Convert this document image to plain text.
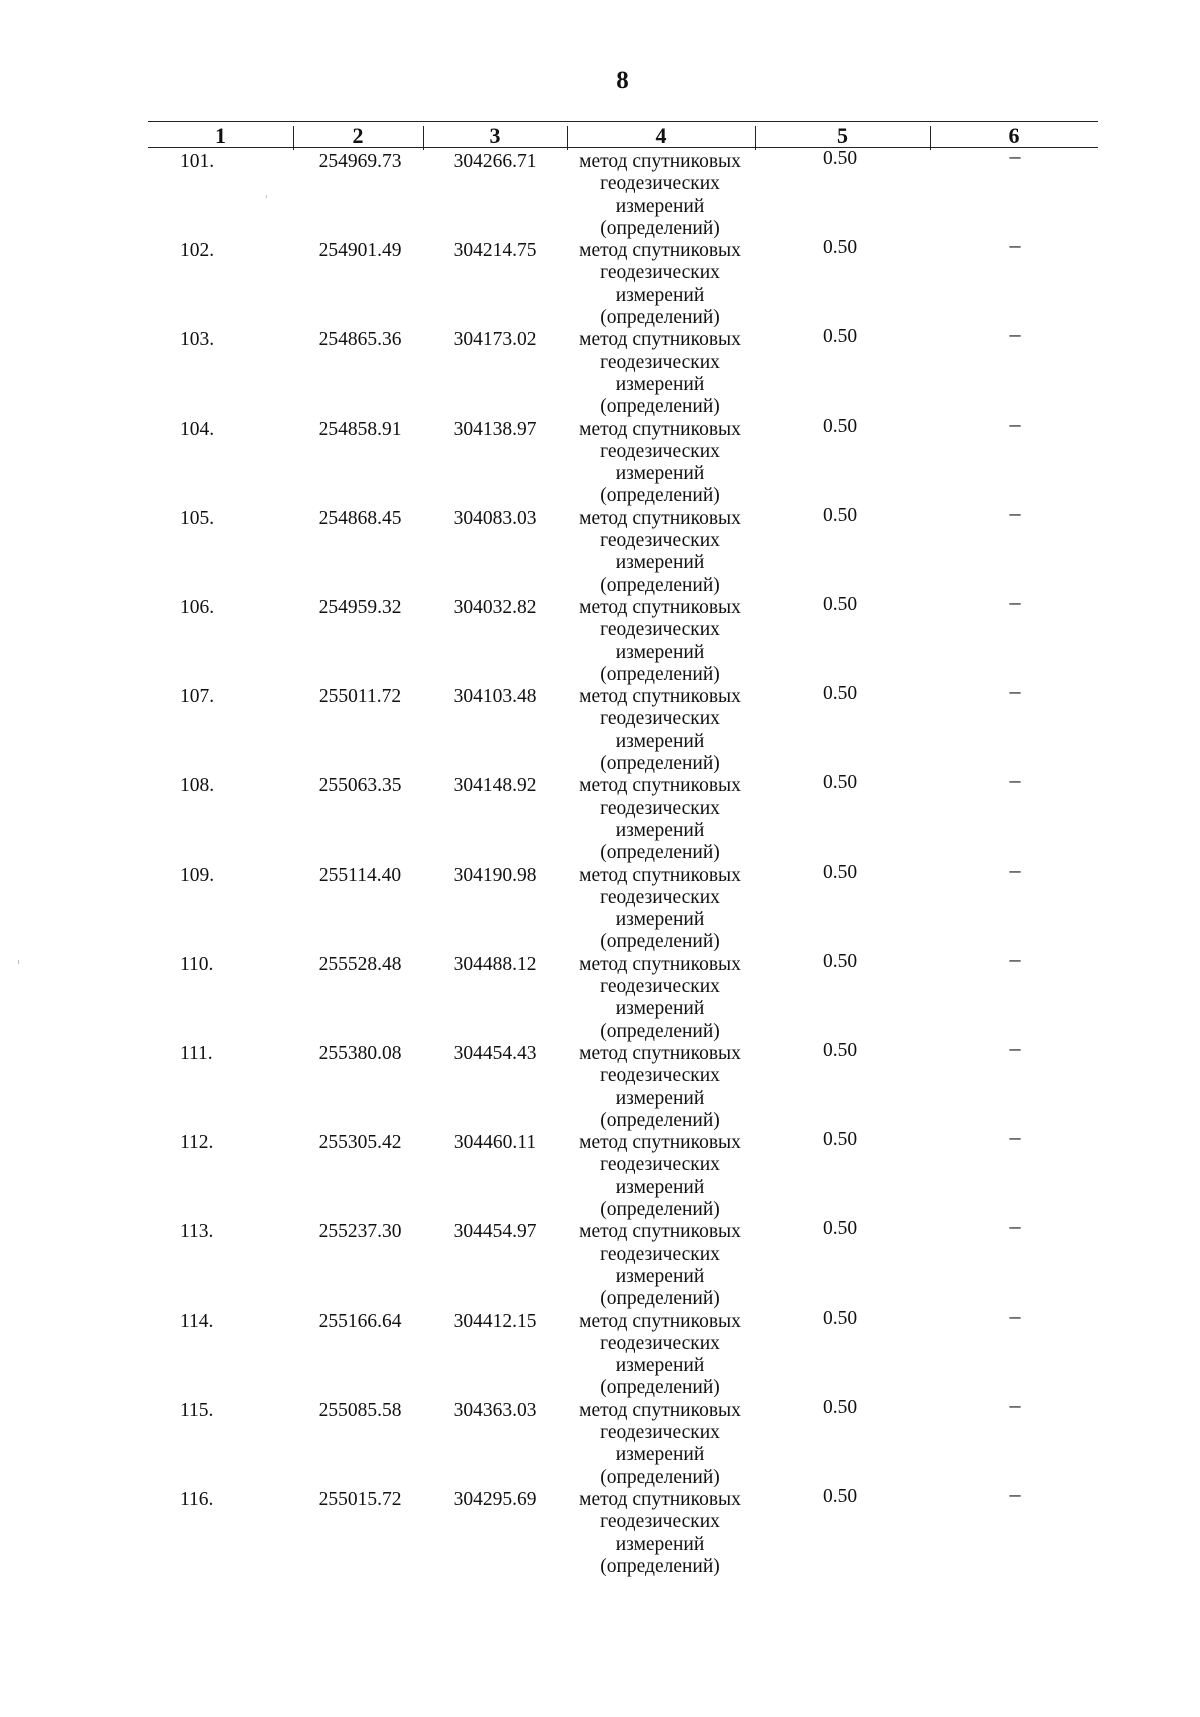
8
1	2	3	4	5	6
101.	254969.73	304266.71	метод спутниковых
геодезических
измерений
(определений)
0.50	–
102.	254901.49	304214.75	метод спутниковых
геодезических
измерений
(определений)
0.50	–
103.	254865.36	304173.02	метод спутниковых
геодезических
измерений
(определений)
0.50	–
104.	254858.91	304138.97	метод спутниковых
геодезических
измерений
(определений)
0.50	–
105.	254868.45	304083.03	метод спутниковых
геодезических
измерений
(определений)
0.50	–
106.	254959.32	304032.82	метод спутниковых
геодезических
измерений
(определений)
0.50	–
107.	255011.72	304103.48	метод спутниковых
геодезических
измерений
(определений)
0.50	–
108.	255063.35	304148.92	метод спутниковых
геодезических
измерений
(определений)
0.50	–
109.	255114.40	304190.98	метод спутниковых
геодезических
измерений
(определений)
0.50	–
110.	255528.48	304488.12	метод спутниковых
геодезических
измерений
(определений)
0.50	–
111.	255380.08	304454.43	метод спутниковых
геодезических
измерений
(определений)
0.50	–
112.	255305.42	304460.11	метод спутниковых
геодезических
измерений
(определений)
0.50	–
113.	255237.30	304454.97	метод спутниковых
геодезических
измерений
(определений)
0.50	–
114.	255166.64	304412.15	метод спутниковых
геодезических
измерений
(определений)
0.50	–
115.	255085.58	304363.03	метод спутниковых
геодезических
измерений
(определений)
0.50	–
116.	255015.72	304295.69	метод спутниковых
геодезических
измерений
(определений)
0.50	–
